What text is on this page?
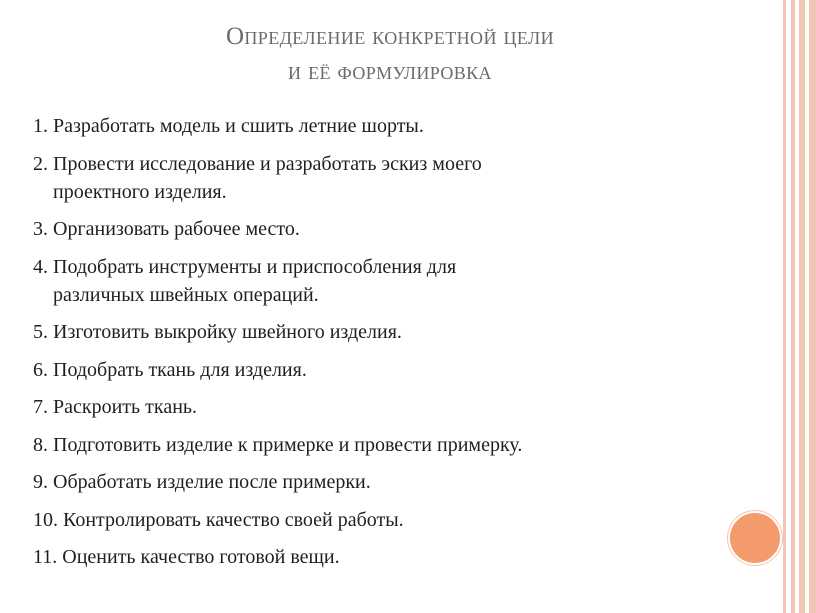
Определение конкретной цели
и её формулировка
1. Разработать модель и сшить летние шорты.
2. Провести исследование и разработать эскиз моего
проектного изделия.
3. Организовать рабочее место.
4. Подобрать инструменты и приспособления для
различных швейных операций.
5. Изготовить выкройку швейного изделия.
6. Подобрать ткань для изделия.
7. Раскроить ткань.
8. Подготовить изделие к примерке и провести примерку.
9. Обработать изделие после примерки.
10. Контролировать качество своей работы.
11. Оценить качество готовой вещи.
